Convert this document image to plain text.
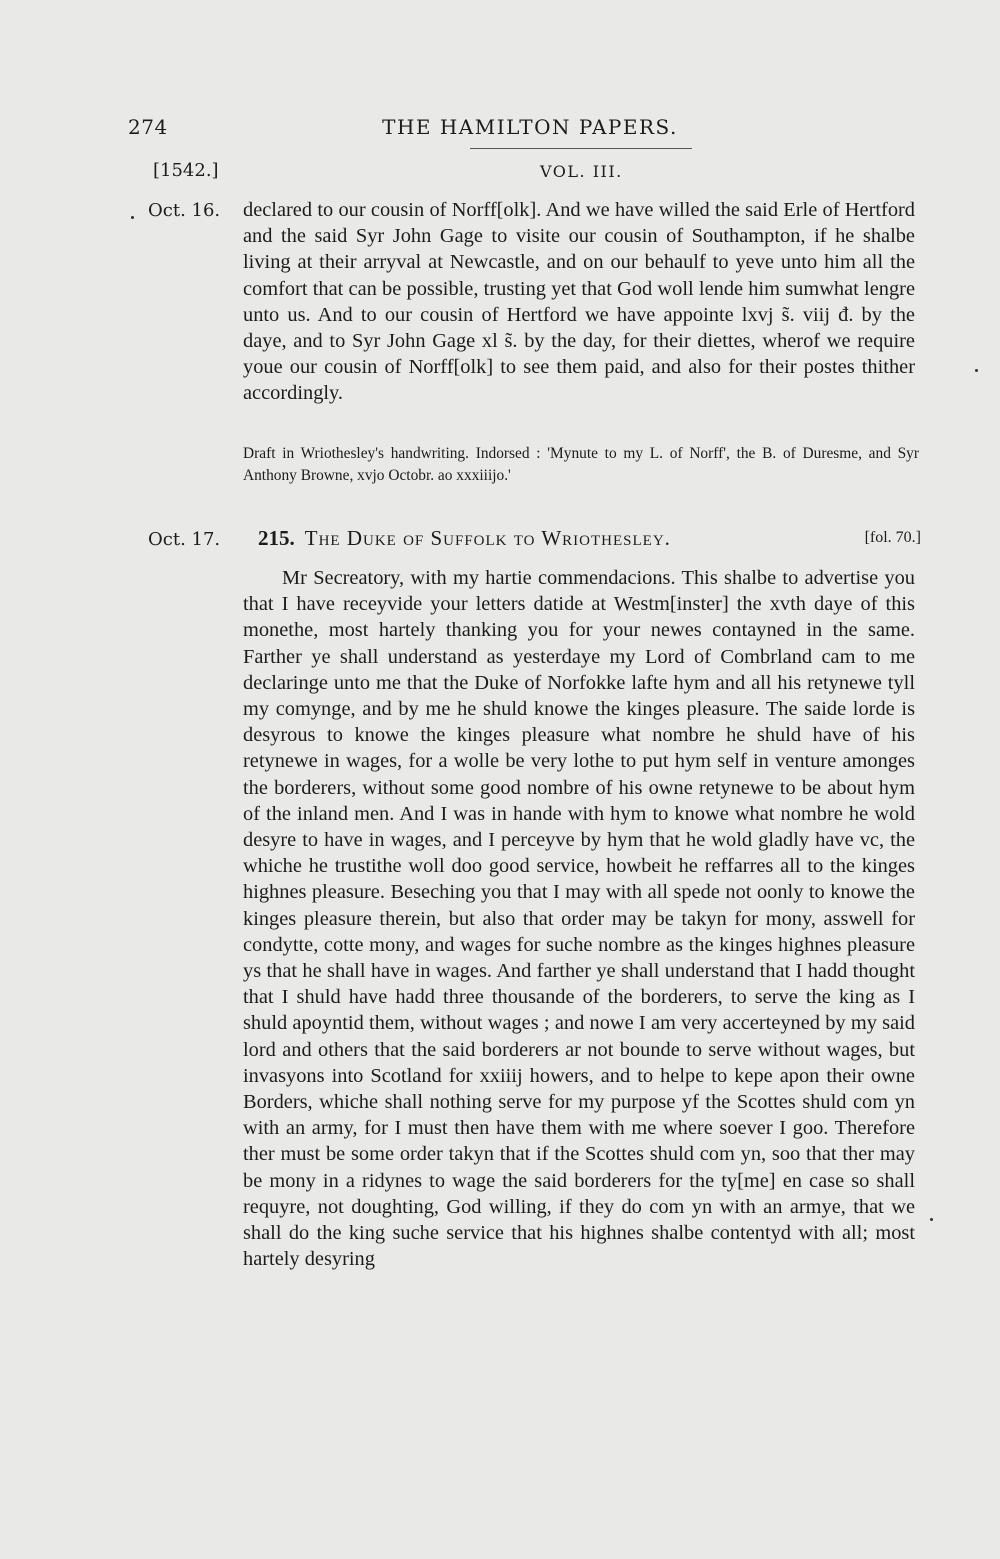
274	THE HAMILTON PAPERS.
[1542.]	VOL. III.
Oct. 16. declared to our cousin of Norff[olk]. And we have willed the said Erle of Hertford and the said Syr John Gage to visite our cousin of Southampton, if he shalbe living at their arryval at Newcastle, and on our behaulf to yeve unto him all the comfort that can be possible, trusting yet that God woll lende him sumwhat lengre unto us. And to our cousin of Hertford we have appointe lxvj s̃. viij đ. by the daye, and to Syr John Gage xl s̃. by the day, for their diettes, wherof we require youe our cousin of Norff[olk] to see them paid, and also for their postes thither accordingly.

Draft in Wriothesley's handwriting. Indorsed : 'Mynute to my L. of Norff', the B. of Duresme, and Syr Anthony Browne, xvjo Octobr. ao xxxiiijo.'

Oct. 17. 215. The Duke of Suffolk to Wriothesley.	[fol. 70.]

Mr Secreatory, with my hartie commendacions. This shalbe to advertise you that I have receyvide your letters datide at Westm[inster] the xvth daye of this monethe, most hartely thanking you for your newes contayned in the same. Farther ye shall understand as yesterdaye my Lord of Combrland cam to me declaringe unto me that the Duke of Norfokke lafte hym and all his retynewe tyll my comynge, and by me he shuld knowe the kinges pleasure. The saide lorde is desyrous to knowe the kinges pleasure what nombre he shuld have of his retynewe in wages, for a wolle be very lothe to put hym self in venture amonges the borderers, without some good nombre of his owne retynewe to be about hym of the inland men. And I was in hande with hym to knowe what nombre he wold desyre to have in wages, and I perceyve by hym that he wold gladly have vc, the whiche he trustithe woll doo good service, howbeit he reffarres all to the kinges highnes pleasure. Beseching you that I may with all spede not oonly to knowe the kinges pleasure therein, but also that order may be takyn for mony, asswell for condytte, cotte mony, and wages for suche nombre as the kinges highnes pleasure ys that he shall have in wages. And farther ye shall understand that I hadd thought that I shuld have hadd three thousande of the borderers, to serve the king as I shuld apoyntid them, without wages ; and nowe I am very accerteyned by my said lord and others that the said borderers ar not bounde to serve without wages, but invasyons into Scotland for xxiiij howers, and to helpe to kepe apon their owne Borders, whiche shall nothing serve for my purpose yf the Scottes shuld com yn with an army, for I must then have them with me where soever I goo. Therefore ther must be some order takyn that if the Scottes shuld com yn, soo that ther may be mony in a ridynes to wage the said borderers for the ty[me] en case so shall requyre, not doughting, God willing, if they do com yn with an armye, that we shall do the king suche service that his highnes shalbe contentyd with all; most hartely desyring
